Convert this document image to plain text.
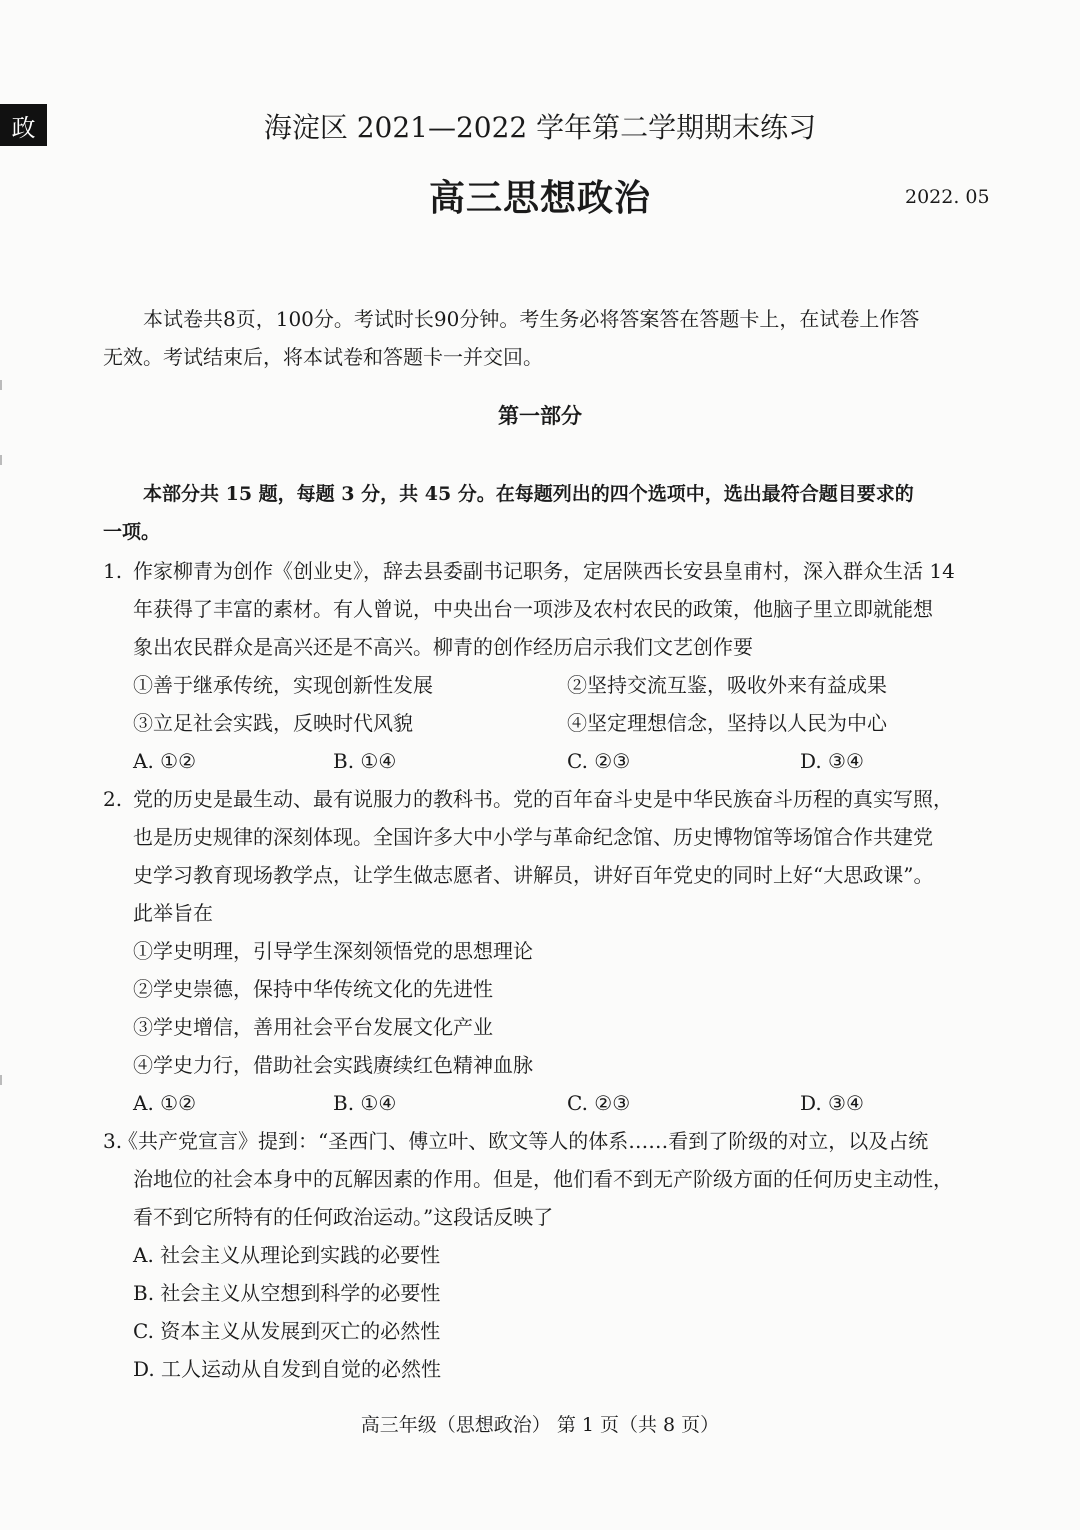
政	海淀区 2021—2022 学年第二学期期末练习
高三思想政治	2022. 05
本试卷共8页，100分。考试时长90分钟。考生务必将答案答在答题卡上，在试卷上作答
无效。考试结束后，将本试卷和答题卡一并交回。
第一部分
本部分共 15 题，每题 3 分，共 45 分。在每题列出的四个选项中，选出最符合题目要求的
一项。
1. 作家柳青为创作《创业史》，辞去县委副书记职务，定居陕西长安县皇甫村，深入群众生活 14
年获得了丰富的素材。有人曾说，中央出台一项涉及农村农民的政策，他脑子里立即就能想
象出农民群众是高兴还是不高兴。柳青的创作经历启示我们文艺创作要
①善于继承传统，实现创新性发展	②坚持交流互鉴，吸收外来有益成果
③立足社会实践，反映时代风貌	④坚定理想信念，坚持以人民为中心
A. ①②	B. ①④	C. ②③	D. ③④
2. 党的历史是最生动、最有说服力的教科书。党的百年奋斗史是中华民族奋斗历程的真实写照，
也是历史规律的深刻体现。全国许多大中小学与革命纪念馆、历史博物馆等场馆合作共建党
史学习教育现场教学点，让学生做志愿者、讲解员，讲好百年党史的同时上好“大思政课”。
此举旨在
①学史明理，引导学生深刻领悟党的思想理论
②学史崇德，保持中华传统文化的先进性
③学史增信，善用社会平台发展文化产业
④学史力行，借助社会实践赓续红色精神血脉
A. ①②	B. ①④	C. ②③	D. ③④
3.
《共产党宣言》提到：“圣西门、傅立叶、欧文等人的体系……看到了阶级的对立，以及占统
治地位的社会本身中的瓦解因素的作用。但是，他们看不到无产阶级方面的任何历史主动性，
看不到它所特有的任何政治运动。”这段话反映了
A. 社会主义从理论到实践的必要性
B. 社会主义从空想到科学的必要性
C. 资本主义从发展到灭亡的必然性
D. 工人运动从自发到自觉的必然性
高三年级（思想政治） 第 1 页（共 8 页）
